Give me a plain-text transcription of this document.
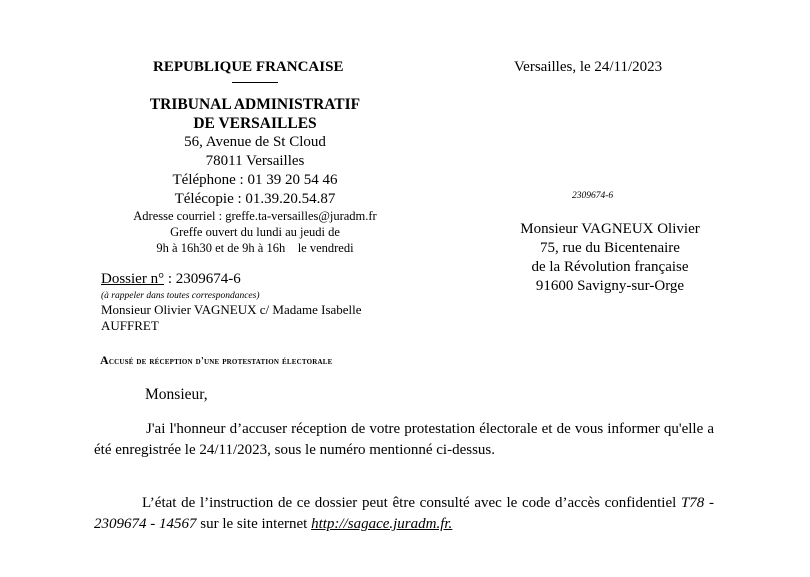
REPUBLIQUE FRANCAISE
TRIBUNAL ADMINISTRATIF
DE VERSAILLES
56, Avenue de St Cloud
78011 Versailles
Téléphone : 01 39 20 54 46
Télécopie : 01.39.20.54.87
Adresse courriel : greffe.ta-versailles@juradm.fr
Greffe ouvert du lundi au jeudi de
9h à 16h30 et de 9h à 16h    le vendredi
Versailles, le 24/11/2023
2309674-6
Monsieur VAGNEUX Olivier
75, rue du Bicentenaire
de la Révolution française
91600 Savigny-sur-Orge
Dossier n° : 2309674-6
(à rappeler dans toutes correspondances)
Monsieur Olivier VAGNEUX c/ Madame Isabelle
AUFFRET
Accusé de réception d'une protestation électorale
Monsieur,
J'ai l'honneur d’accuser réception de votre protestation électorale et de vous informer qu'elle a été enregistrée le 24/11/2023, sous le numéro mentionné ci-dessus.
L’état de l’instruction de ce dossier peut être consulté avec le code d’accès confidentiel T78 - 2309674 - 14567 sur le site internet http://sagace.juradm.fr.
